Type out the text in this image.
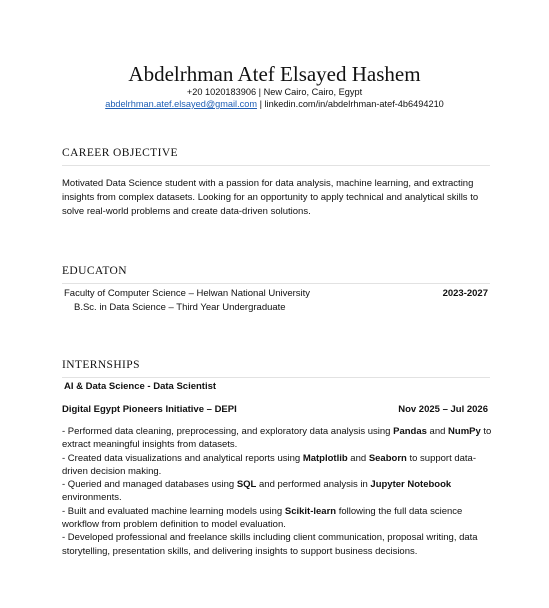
Abdelrhman Atef Elsayed Hashem
+20 1020183906 | New Cairo, Cairo, Egypt
abdelrhman.atef.elsayed@gmail.com | linkedin.com/in/abdelrhman-atef-4b6494210
CAREER OBJECTIVE
Motivated Data Science student with a passion for data analysis, machine learning, and extracting insights from complex datasets. Looking for an opportunity to apply technical and analytical skills to solve real-world problems and create data-driven solutions.
EDUCATON
Faculty of Computer Science – Helwan National University	2023-2027
B.Sc. in Data Science – Third Year Undergraduate
INTERNSHIPS
AI & Data Science - Data Scientist
Digital Egypt Pioneers Initiative – DEPI	Nov 2025 – Jul 2026

- Performed data cleaning, preprocessing, and exploratory data analysis using Pandas and NumPy to extract meaningful insights from datasets.

- Created data visualizations and analytical reports using Matplotlib and Seaborn to support data-driven decision making.

- Queried and managed databases using SQL and performed analysis in Jupyter Notebook environments.

- Built and evaluated machine learning models using Scikit-learn following the full data science workflow from problem definition to model evaluation.

- Developed professional and freelance skills including client communication, proposal writing, data storytelling, presentation skills, and delivering insights to support business decisions.
